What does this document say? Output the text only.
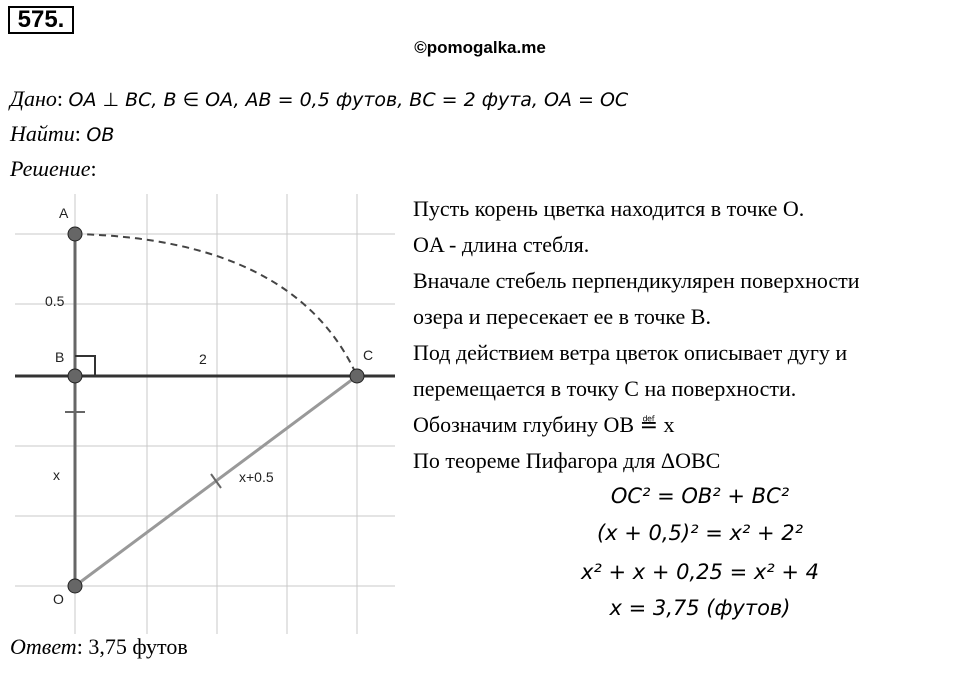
575.
©pomogalka.me
Дано: OA ⊥ BC, B ∈ OA, AB = 0,5 футов, BC = 2 фута, OA = OC
Найти: OB
Решение:
A
B	C
O
0.5
2
x	x+0.5
Пусть корень цветка находится в точке O.
OA - длина стебля.
Вначале стебель перпендикулярен поверхности
озера и пересекает ее в точке B.
Под действием ветра цветок описывает дугу и
перемещается в точку C на поверхности.
Обозначим глубину OB ≝ x
По теореме Пифагора для ΔOBC
OC² = OB² + BC²
(x + 0,5)² = x² + 2²
x² + x + 0,25 = x² + 4
x = 3,75 (футов)
Ответ: 3,75 футов
